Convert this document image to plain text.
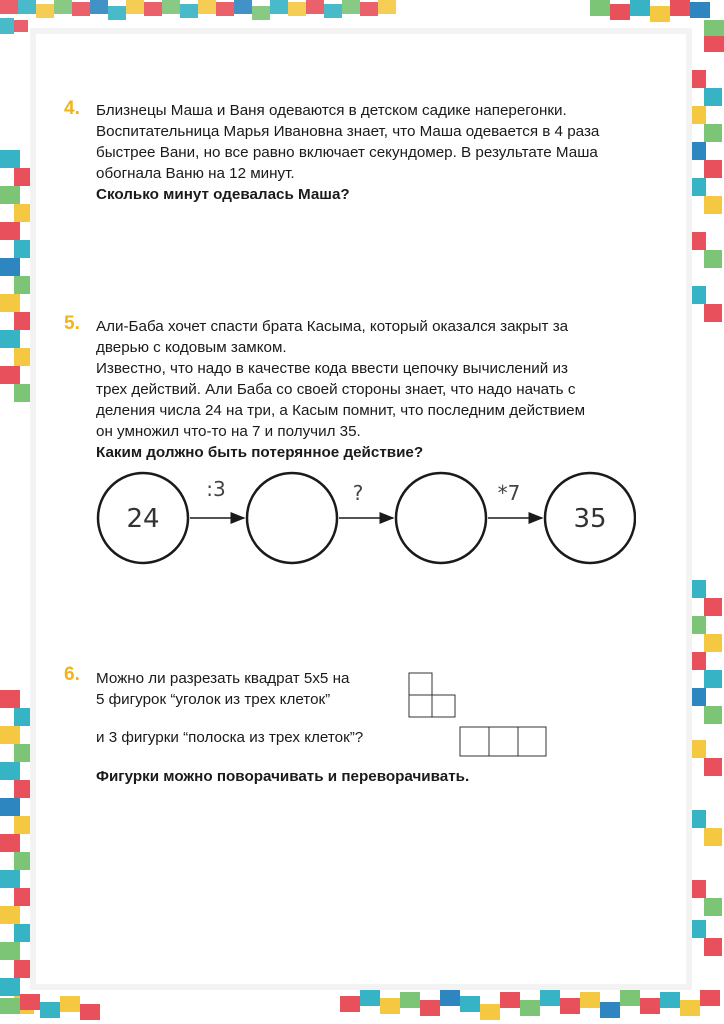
4. Близнецы Маша и Ваня одеваются в детском садике наперегонки.

Воспитательница Марья Ивановна знает, что Маша одевается в 4 раза

быстрее Вани, но все равно включает секундомер. В результате Маша

обогнала Ваню на 12 минут.

Сколько минут одевалась Маша?

5. Али-Баба хочет спасти брата Касыма, который оказался закрыт за

дверью с кодовым замком.

Известно, что надо в качестве кода ввести цепочку вычислений из

трех действий. Али Баба со своей стороны знает, что надо начать с

деления числа 24 на три, а Касым помнит, что последним действием

он умножил что-то на 7 и получил 35.

Каким должно быть потерянное действие?

24	35
:3	?	*7
6. Можно ли разрезать квадрат 5х5 на
5 фигурок “уголок из трех клеток”
и 3 фигурки “полоска из трех клеток”?
Фигурки можно поворачивать и переворачивать.
